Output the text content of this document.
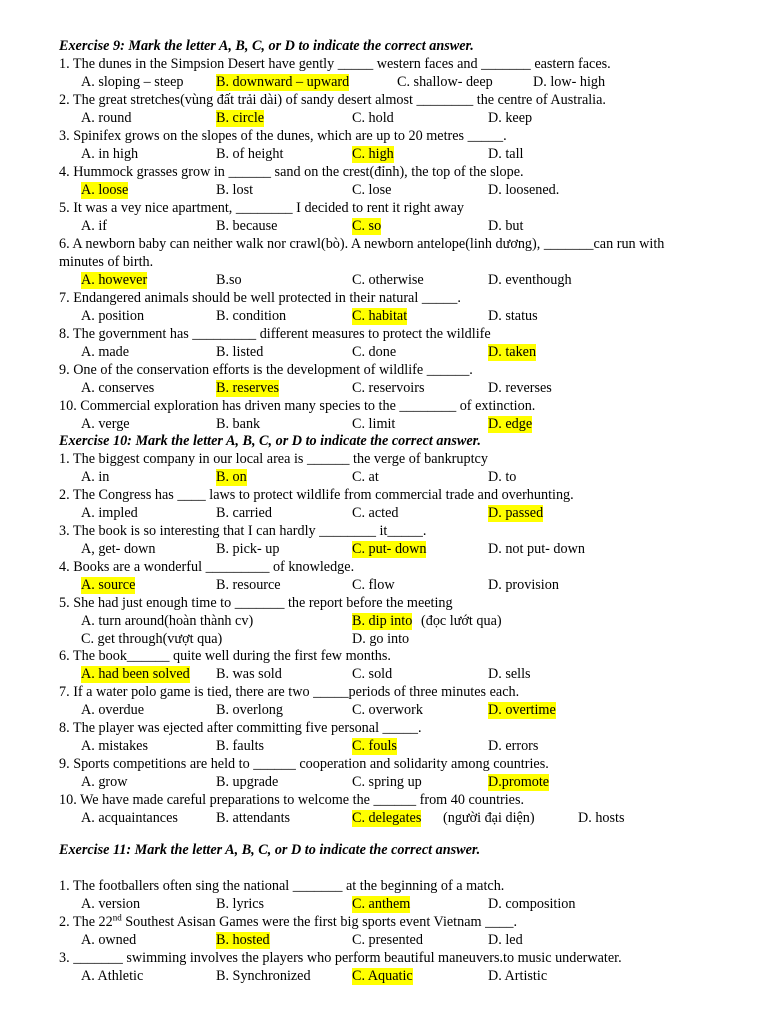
Exercise 9: Mark the letter A, B, C, or D to indicate the correct answer.
1. The dunes in the Simpsion Desert have gently _____ western faces and _______ eastern faces.
A. sloping – steep B. downward – upward	C. shallow- deep	D. low- high
2. The great stretches(vùng đất trải dài) of sandy desert almost ________ the centre of Australia.
A. round	B. circle	C. hold	D. keep
3. Spinifex grows on the slopes of the dunes, which are up to 20 metres _____.
A. in high	B. of height	C. high	D. tall
4. Hummock grasses grow in ______ sand on the crest(đỉnh), the top of the slope.
A. loose	B. lost	C. lose	D. loosened.
5. It was a vey nice apartment, ________ I decided to rent it right away
A. if	B. because	C. so	D. but
6. A newborn baby can neither walk nor crawl(bò). A newborn antelope(linh dương), _______can run with
minutes of birth.
A. however	B.so	C. otherwise	D. eventhough
7. Endangered animals should be well protected in their natural _____.
A. position	B. condition	C. habitat	D. status
8. The government has _________ different measures to protect the wildlife
A. made	B. listed	C. done	D. taken
9. One of the conservation efforts is the development of wildlife ______.
A. conserves	B. reserves	C. reservoirs	D. reverses
10. Commercial exploration has driven many species to the ________ of extinction.
A. verge	B. bank	C. limit	D. edge
Exercise 10: Mark the letter A, B, C, or D to indicate the correct answer.
1. The biggest company in our local area is ______ the verge of bankruptcy
A. in	B. on	C. at	D. to
2. The Congress has ____ laws to protect wildlife from commercial trade and overhunting.
A. impled	B. carried	C. acted	D. passed
3. The book is so interesting that I can hardly ________ it_____.
A, get- down	B. pick- up	C. put- down	D. not put- down
4. Books are a wonderful _________ of knowledge.
A. source	B. resource	C. flow	D. provision
5. She had just enough time to _______ the report before the meeting
A. turn around(hoàn thành cv)	B. dip into (đọc lướt qua)
C. get through(vượt qua)	D. go into
6. The book______ quite well during the first few months.
A. had been solved B. was sold	C. sold	D. sells
7. If a water polo game is tied, there are two _____periods of three minutes each.
A. overdue	B. overlong	C. overwork	D. overtime
8. The player was ejected after committing five personal _____.
A. mistakes	B. faults	C. fouls	D. errors
9. Sports competitions are held to ______ cooperation and solidarity among countries.
A. grow	B. upgrade	C. spring up	D.promote
10. We have made careful preparations to welcome the ______ from 40 countries.
A. acquaintances	B. attendants	C. delegates (người đại diện)	D. hosts
Exercise 11: Mark the letter A, B, C, or D to indicate the correct answer.
1. The footballers often sing the national _______ at the beginning of a match.
A. version	B. lyrics	C. anthem	D. composition
2. The 22nd Southest Asisan Games were the first big sports event Vietnam ____.
A. owned	B. hosted	C. presented	D. led
3. _______ swimming involves the players who perform beautiful maneuvers.to music underwater.
A. Athletic	B. Synchronized	C. Aquatic	D. Artistic
